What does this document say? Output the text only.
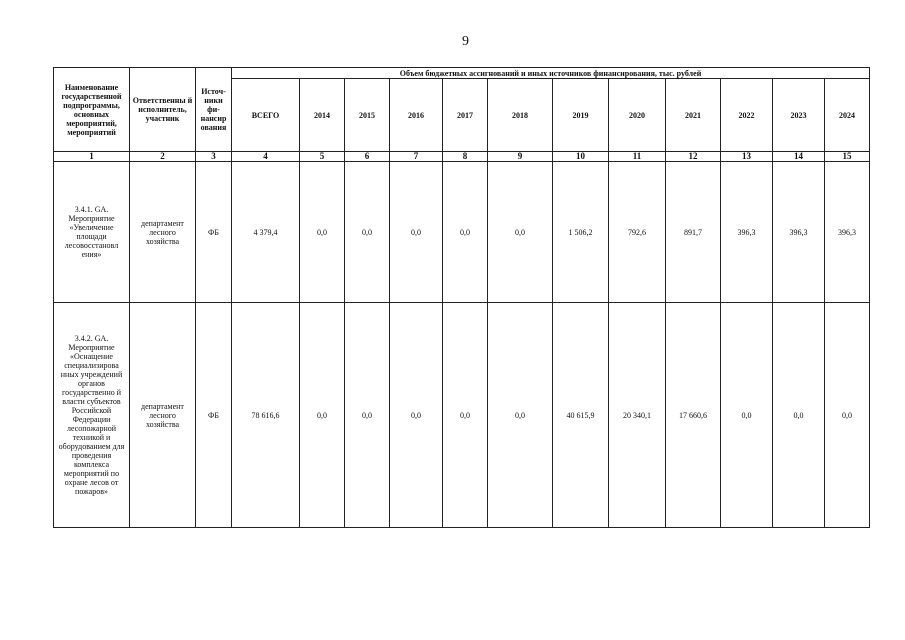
9
Наименование государственной подпрограммы, основных мероприятий, мероприятий	Ответственны й исполнитель, участник	Источ-ники фи-нансир ования	Объем бюджетных ассигнований и иных источников финансирования, тыс. рублей											
			ВСЕГО	2014	2015	2016	2017	2018	2019	2020	2021	2022	2023	2024
1	2	3	4	5	6	7	8	9	10	11	12	13	14	15
3.4.1. GA. Мероприятие «Увеличение площади лесовосстановл ения»	департамент лесного хозяйства	ФБ	4 379,4	0,0	0,0	0,0	0,0	0,0	1 506,2	792,6	891,7	396,3	396,3	396,3
3.4.2. GA. Мероприятие «Оснащение специализирова нных учреждений органов государственно й власти субъектов Российской Федерации лесопожарной техникой и оборудованием для проведения комплекса мероприятий по охране лесов от пожаров»	департамент лесного хозяйства	ФБ	78 616,6	0,0	0,0	0,0	0,0	0,0	40 615,9	20 340,1	17 660,6	0,0	0,0	0,0
